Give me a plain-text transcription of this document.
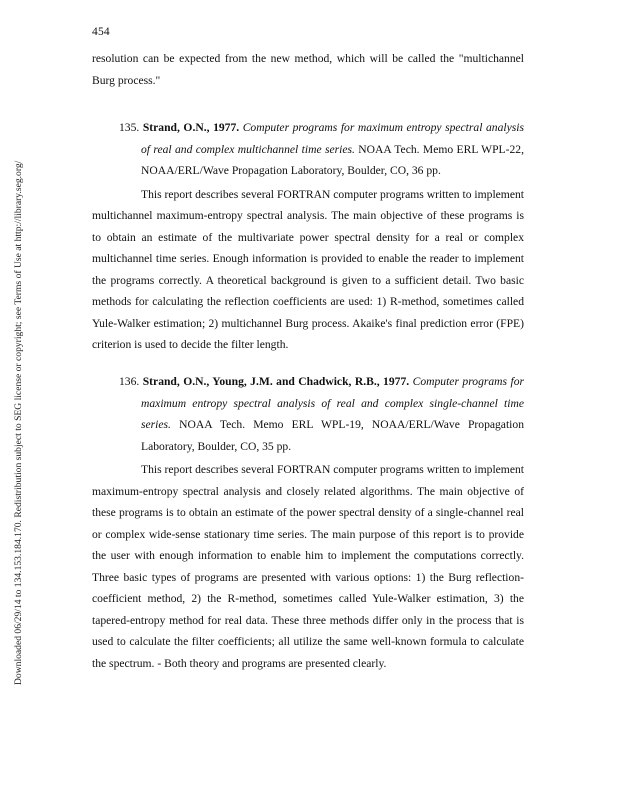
454
Downloaded 06/29/14 to 134.153.184.170. Redistribution subject to SEG license or copyright; see Terms of Use at http://library.seg.org/

resolution can be expected from the new method, which will be called the "multichannel Burg process."

135. Strand, O.N., 1977. Computer programs for maximum entropy spectral analysis of real and complex multichannel time series. NOAA Tech. Memo ERL WPL-22, NOAA/ERL/Wave Propagation Laboratory, Boulder, CO, 36 pp.

This report describes several FORTRAN computer programs written to implement multichannel maximum-entropy spectral analysis. The main objective of these programs is to obtain an estimate of the multivariate power spectral density for a real or complex multichannel time series. Enough information is provided to enable the reader to implement the programs correctly. A theoretical background is given to a sufficient detail. Two basic methods for calculating the reflection coefficients are used: 1) R-method, sometimes called Yule-Walker estimation; 2) multichannel Burg process. Akaike's final prediction error (FPE) criterion is used to decide the filter length.

136. Strand, O.N., Young, J.M. and Chadwick, R.B., 1977. Computer programs for maximum entropy spectral analysis of real and complex single-channel time series. NOAA Tech. Memo ERL WPL-19, NOAA/ERL/Wave Propagation Laboratory, Boulder, CO, 35 pp.

This report describes several FORTRAN computer programs written to implement maximum-entropy spectral analysis and closely related algorithms. The main objective of these programs is to obtain an estimate of the power spectral density of a single-channel real or complex wide-sense stationary time series. The main purpose of this report is to provide the user with enough information to enable him to implement the computations correctly. Three basic types of programs are presented with various options: 1) the Burg reflection-coefficient method, 2) the R-method, sometimes called Yule-Walker estimation, 3) the tapered-entropy method for real data. These three methods differ only in the process that is used to calculate the filter coefficients; all utilize the same well-known formula to calculate the spectrum. - Both theory and programs are presented clearly.
